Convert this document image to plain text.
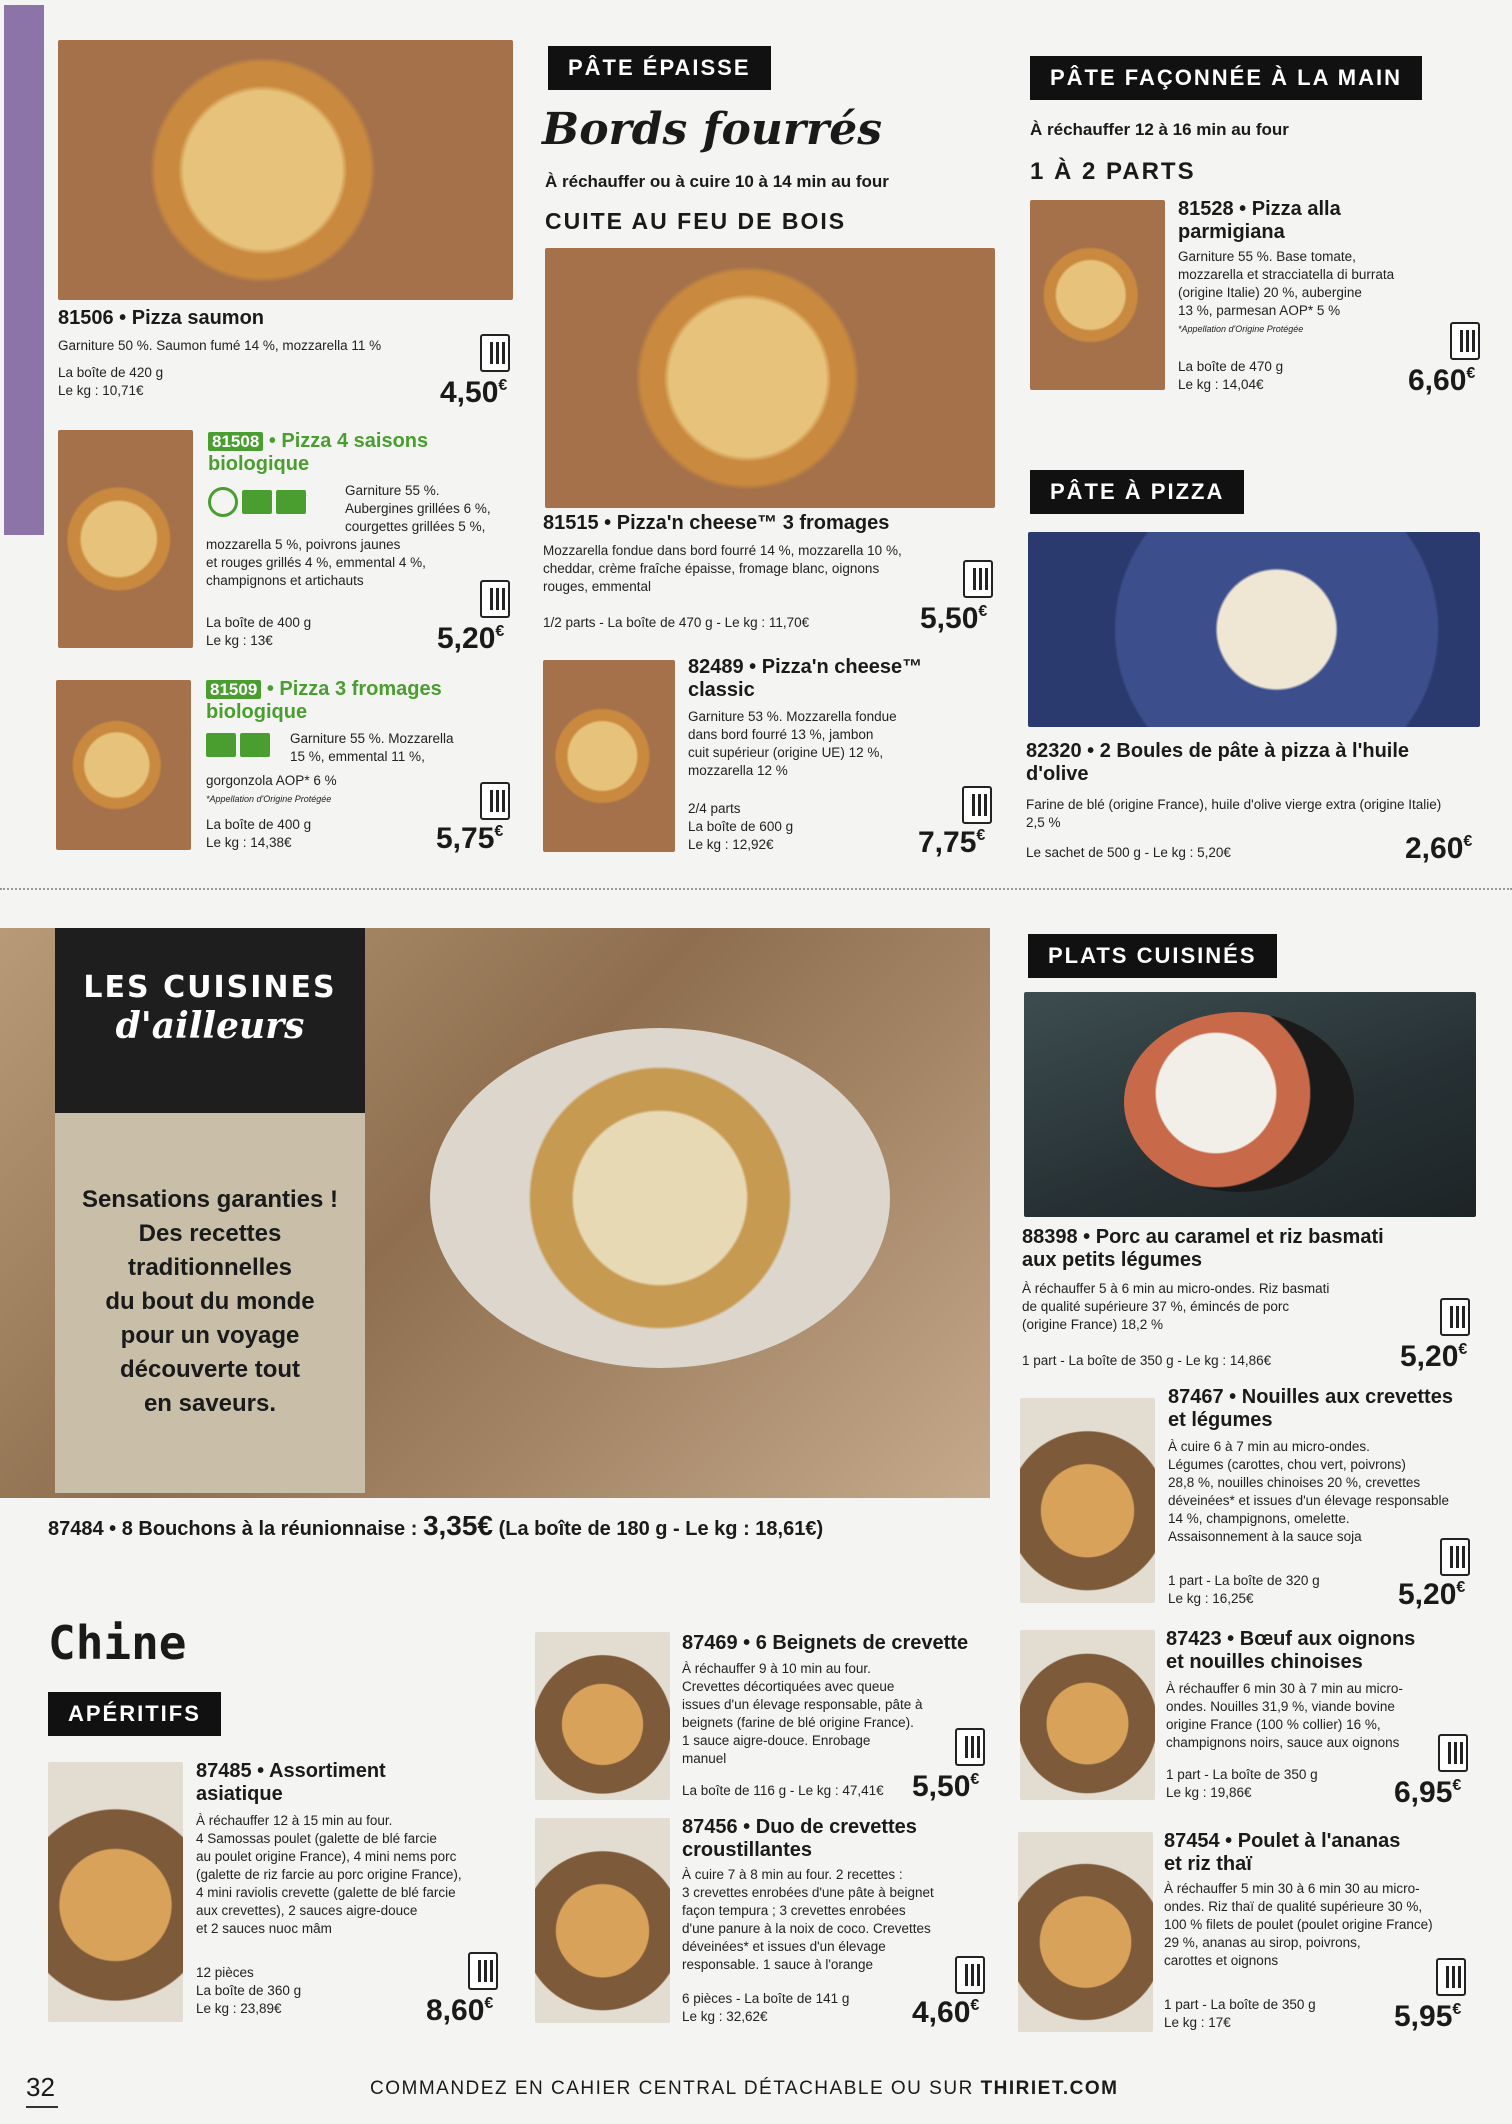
81506 • Pizza saumon
Garniture 50 %. Saumon fumé 14 %, mozzarella 11 %
La boîte de 420 g
Le kg : 10,71€	4,50€
81508 • Pizza 4 saisons
biologique
Garniture 55 %.
Aubergines grillées 6 %,
courgettes grillées 5 %,
mozzarella 5 %, poivrons jaunes
et rouges grillés 4 %, emmental 4 %,
champignons et artichauts
La boîte de 400 g
Le kg : 13€	5,20€
81509 • Pizza 3 fromages
biologique
Garniture 55 %. Mozzarella
15 %, emmental 11 %,
gorgonzola AOP* 6 %
*Appellation d'Origine Protégée
La boîte de 400 g
Le kg : 14,38€	5,75€
PÂTE ÉPAISSE
Bords fourrés
À réchauffer ou à cuire 10 à 14 min au four
CUITE AU FEU DE BOIS
81515 • Pizza'n cheese™ 3 fromages
Mozzarella fondue dans bord fourré 14 %, mozzarella 10 %,
cheddar, crème fraîche épaisse, fromage blanc, oignons
rouges, emmental
1/2 parts - La boîte de 470 g - Le kg : 11,70€	5,50€
82489 • Pizza'n cheese™
classic
Garniture 53 %. Mozzarella fondue
dans bord fourré 13 %, jambon
cuit supérieur (origine UE) 12 %,
mozzarella 12 %
2/4 parts
La boîte de 600 g
Le kg : 12,92€	7,75€
PÂTE FAÇONNÉE À LA MAIN
À réchauffer 12 à 16 min au four
1 À 2 PARTS
81528 • Pizza alla
parmigiana
Garniture 55 %. Base tomate,
mozzarella et stracciatella di burrata
(origine Italie) 20 %, aubergine
13 %, parmesan AOP* 5 %
*Appellation d'Origine Protégée
La boîte de 470 g
Le kg : 14,04€	6,60€
PÂTE À PIZZA
82320 • 2 Boules de pâte à pizza à l'huile
d'olive
Farine de blé (origine France), huile d'olive vierge extra (origine Italie)
2,5 %
Le sachet de 500 g - Le kg : 5,20€	2,60€
LES CUISINES
d'ailleurs
Sensations garanties !
Des recettes
traditionnelles
du bout du monde
pour un voyage
découverte tout
en saveurs.
87484 • 8 Bouchons à la réunionnaise : 3,35€ (La boîte de 180 g - Le kg : 18,61€)
Chine
APÉRITIFS
87485 • Assortiment
asiatique
À réchauffer 12 à 15 min au four.
4 Samossas poulet (galette de blé farcie
au poulet origine France), 4 mini nems porc
(galette de riz farcie au porc origine France),
4 mini raviolis crevette (galette de blé farcie
aux crevettes), 2 sauces aigre-douce
et 2 sauces nuoc mâm
12 pièces
La boîte de 360 g
Le kg : 23,89€	8,60€
87469 • 6 Beignets de crevette
À réchauffer 9 à 10 min au four.
Crevettes décortiquées avec queue
issues d'un élevage responsable, pâte à
beignets (farine de blé origine France).
1 sauce aigre-douce. Enrobage
manuel
La boîte de 116 g - Le kg : 47,41€ 5,50€
87456 • Duo de crevettes
croustillantes
À cuire 7 à 8 min au four. 2 recettes :
3 crevettes enrobées d'une pâte à beignet
façon tempura ; 3 crevettes enrobées
d'une panure à la noix de coco. Crevettes
déveinées* et issues d'un élevage
responsable. 1 sauce à l'orange
6 pièces - La boîte de 141 g
Le kg : 32,62€	4,60€
PLATS CUISINÉS
88398 • Porc au caramel et riz basmati
aux petits légumes
À réchauffer 5 à 6 min au micro-ondes. Riz basmati
de qualité supérieure 37 %, émincés de porc
(origine France) 18,2 %
1 part - La boîte de 350 g - Le kg : 14,86€	5,20€
87467 • Nouilles aux crevettes
et légumes
À cuire 6 à 7 min au micro-ondes.
Légumes (carottes, chou vert, poivrons)
28,8 %, nouilles chinoises 20 %, crevettes
déveinées* et issues d'un élevage responsable
14 %, champignons, omelette.
Assaisonnement à la sauce soja
1 part - La boîte de 320 g
Le kg : 16,25€	5,20€
87423 • Bœuf aux oignons
et nouilles chinoises
À réchauffer 6 min 30 à 7 min au micro-
ondes. Nouilles 31,9 %, viande bovine
origine France (100 % collier) 16 %,
champignons noirs, sauce aux oignons
1 part - La boîte de 350 g
Le kg : 19,86€	6,95€
87454 • Poulet à l'ananas
et riz thaï
À réchauffer 5 min 30 à 6 min 30 au micro-
ondes. Riz thaï de qualité supérieure 30 %,
100 % filets de poulet (poulet origine France)
29 %, ananas au sirop, poivrons,
carottes et oignons
1 part - La boîte de 350 g
Le kg : 17€	5,95€
32	COMMANDEZ EN CAHIER CENTRAL DÉTACHABLE OU SUR THIRIET.COM
